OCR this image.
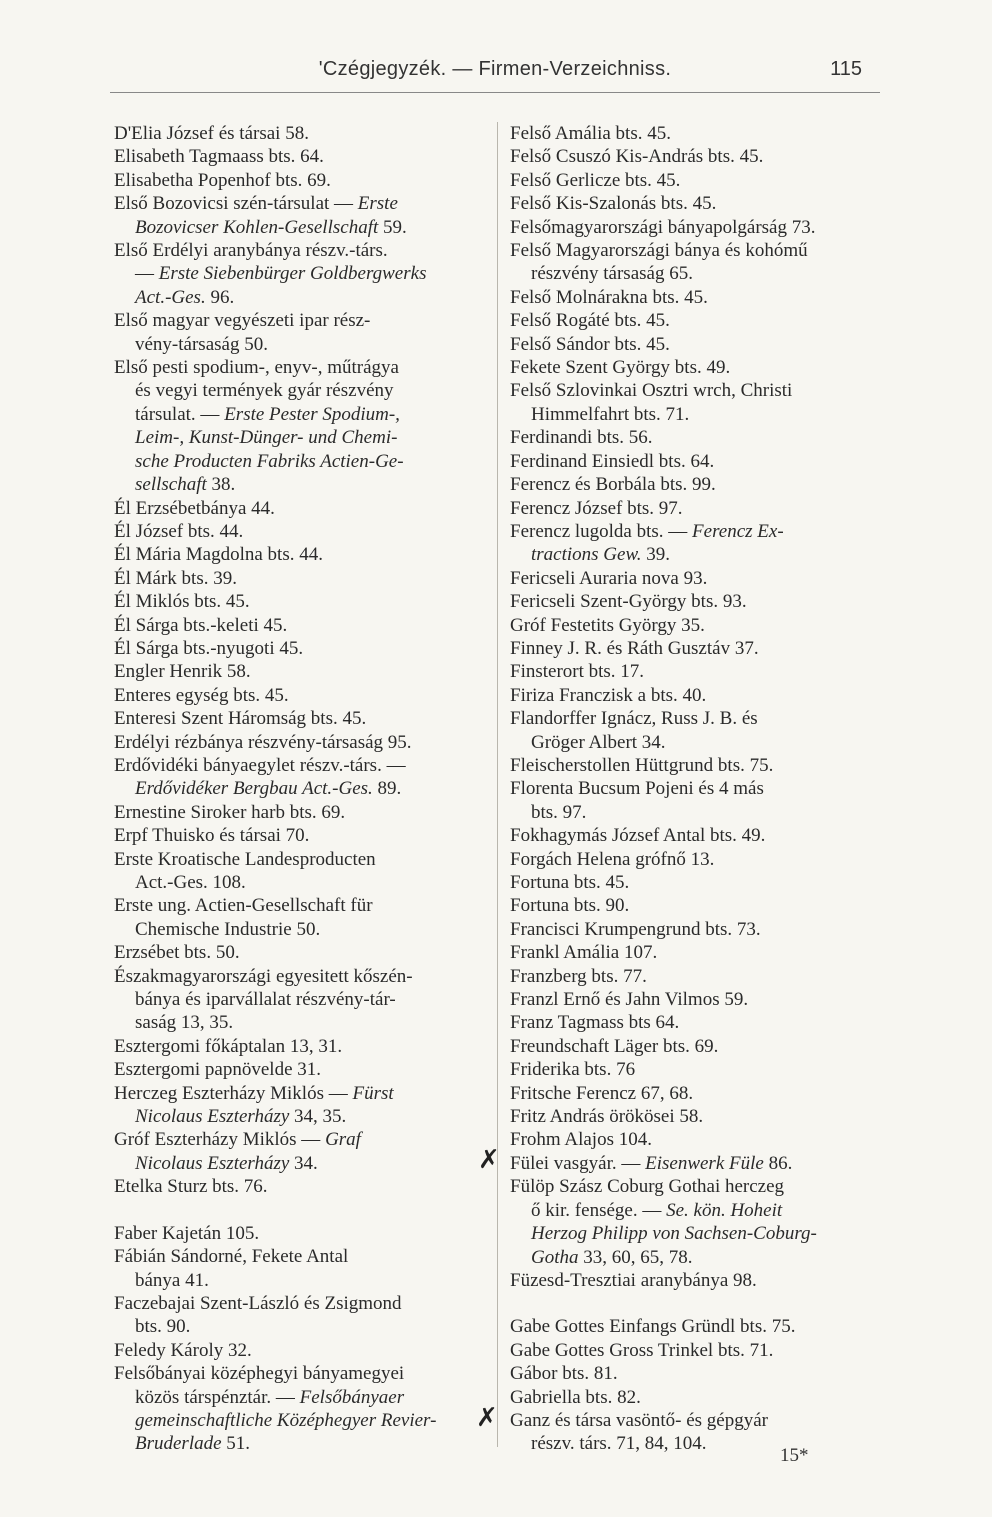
'Czégjegyzék. — Firmen-Verzeichniss.	115
D'Elia József és társai 58.
Elisabeth Tagmaass bts. 64.
Elisabetha Popenhof bts. 69.
Első Bozovicsi szén-társulat — Erste
Bozovicser Kohlen-Gesellschaft 59.
Első Erdélyi aranybánya részv.-társ.
— Erste Siebenbürger Goldbergwerks
Act.-Ges. 96.
Első magyar vegyészeti ipar rész-
vény-társaság 50.
Első pesti spodium-, enyv-, műtrágya
és vegyi termények gyár részvény
társulat. — Erste Pester Spodium-,
Leim-, Kunst-Dünger- und Chemi-
sche Producten Fabriks Actien-Ge-
sellschaft 38.
Él Erzsébetbánya 44.
Él József bts. 44.
Él Mária Magdolna bts. 44.
Él Márk bts. 39.
Él Miklós bts. 45.
Él Sárga bts.-keleti 45.
Él Sárga bts.-nyugoti 45.
Engler Henrik 58.
Enteres egység bts. 45.
Enteresi Szent Háromság bts. 45.
Erdélyi rézbánya részvény-társaság 95.
Erdővidéki bányaegylet részv.-társ. —
Erdővidéker Bergbau Act.-Ges. 89.
Ernestine Siroker harb bts. 69.
Erpf Thuisko és társai 70.
Erste Kroatische Landesproducten
Act.-Ges. 108.
Erste ung. Actien-Gesellschaft für
Chemische Industrie 50.
Erzsébet bts. 50.
Északmagyarországi egyesitett kőszén-
bánya és iparvállalat részvény-tár-
saság 13, 35.
Esztergomi főkáptalan 13, 31.
Esztergomi papnövelde 31.
Herczeg Eszterházy Miklós — Fürst
Nicolaus Eszterházy 34, 35.
Gróf Eszterházy Miklós — Graf
Nicolaus Eszterházy 34.
Etelka Sturz bts. 76.
Faber Kajetán 105.
Fábián Sándorné, Fekete Antal
bánya 41.
Faczebajai Szent-László és Zsigmond
bts. 90.
Feledy Károly 32.
Felsőbányai középhegyi bányamegyei
közös társpénztár. — Felsőbányaer
gemeinschaftliche Középhegyer Revier-
Bruderlade 51.
Felső Amália bts. 45.
Felső Csuszó Kis-András bts. 45.
Felső Gerlicze bts. 45.
Felső Kis-Szalonás bts. 45.
Felsőmagyarországi bányapolgárság 73.
Felső Magyarországi bánya és kohómű
részvény társaság 65.
Felső Molnárakna bts. 45.
Felső Rogáté bts. 45.
Felső Sándor bts. 45.
Fekete Szent György bts. 49.
Felső Szlovinkai Osztri wrch, Christi
Himmelfahrt bts. 71.
Ferdinandi bts. 56.
Ferdinand Einsiedl bts. 64.
Ferencz és Borbála bts. 99.
Ferencz József bts. 97.
Ferencz lugolda bts. — Ferencz Ex-
tractions Gew. 39.
Fericseli Auraria nova 93.
Fericseli Szent-György bts. 93.
Gróf Festetits György 35.
Finney J. R. és Ráth Gusztáv 37.
Finsterort bts. 17.
Firiza Franczisk a bts. 40.
Flandorffer Ignácz, Russ J. B. és
Gröger Albert 34.
Fleischerstollen Hüttgrund bts. 75.
Florenta Bucsum Pojeni és 4 más
bts. 97.
Fokhagymás József Antal bts. 49.
Forgách Helena grófnő 13.
Fortuna bts. 45.
Fortuna bts. 90.
Francisci Krumpengrund bts. 73.
Frankl Amália 107.
Franzberg bts. 77.
Franzl Ernő és Jahn Vilmos 59.
Franz Tagmass bts 64.
Freundschaft Läger bts. 69.
Friderika bts. 76
Fritsche Ferencz 67, 68.
Fritz András örökösei 58.
Frohm Alajos 104.
Fülei vasgyár. — Eisenwerk Füle 86.
Fülöp Szász Coburg Gothai herczeg
ő kir. fensége. — Se. kön. Hoheit
Herzog Philipp von Sachsen-Coburg-
Gotha 33, 60, 65, 78.
Füzesd-Tresztiai aranybánya 98.
Gabe Gottes Einfangs Gründl bts. 75.
Gabe Gottes Gross Trinkel bts. 71.
Gábor bts. 81.
Gabriella bts. 82.
Ganz és társa vasöntő- és gépgyár
részv. társ. 71, 84, 104.
✗
✗
15*
